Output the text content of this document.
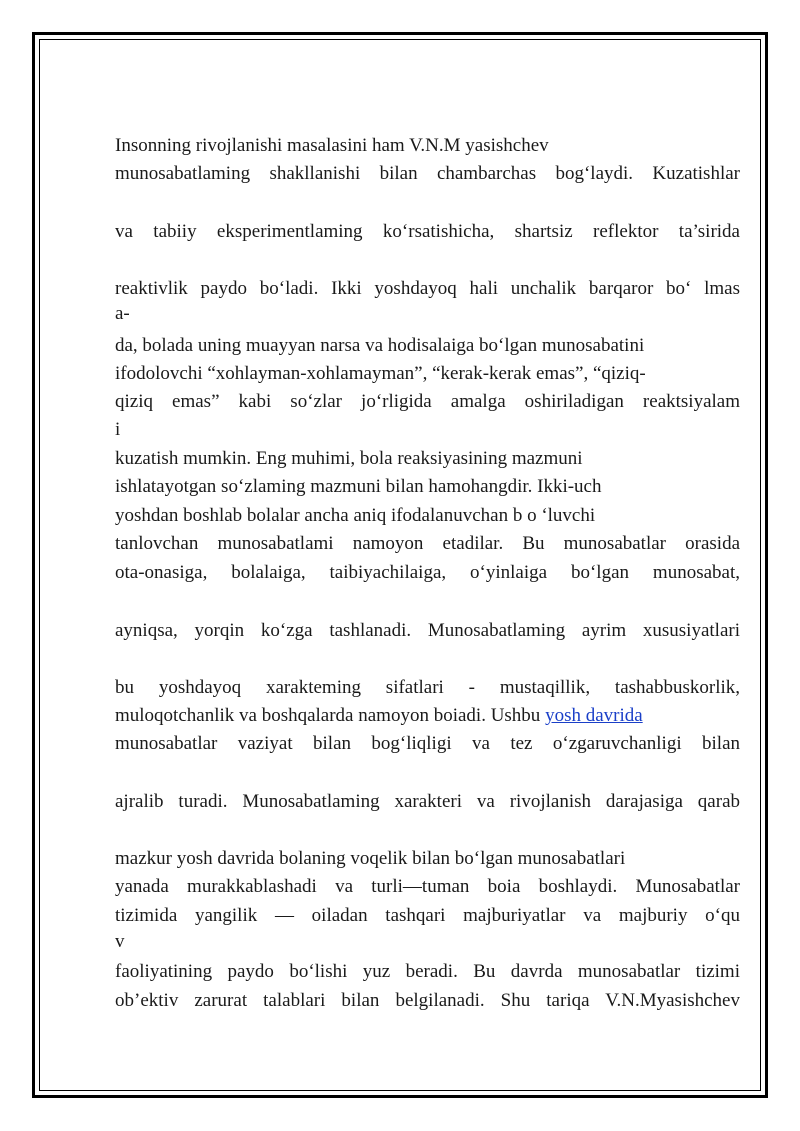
Insonning rivojlanishi masalasini ham V.N.M yasishchev
munosabatlaming shakllanishi bilan chambarchas bog‘laydi. Kuzatishlar
va tabiiy eksperimentlaming ko‘rsatishicha, shartsiz reflektor ta’sirida
reaktivlik paydo bo‘ladi. Ikki yoshdayoq hali unchalik barqaror bo‘ lmas
a-
da, bolada uning muayyan narsa va hodisalaiga bo‘lgan munosabatini
ifodolovchi “xohlayman-xohlamayman”, “kerak-kerak emas”, “qiziq-
qiziq emas” kabi so‘zlar jo‘rligida amalga oshiriladigan reaktsiyalam
i
kuzatish mumkin. Eng muhimi, bola reaksiyasining mazmuni
ishlatayotgan so‘zlaming mazmuni bilan hamohangdir. Ikki-uch
yoshdan boshlab bolalar ancha aniq ifodalanuvchan b o ‘luvchi
tanlovchan munosabatlami namoyon etadilar. Bu munosabatlar orasida
ota-onasiga, bolalaiga, taibiyachilaiga, o‘yinlaiga bo‘lgan munosabat,
ayniqsa, yorqin ko‘zga tashlanadi. Munosabatlaming ayrim xususiyatlari
bu yoshdayoq xarakteming sifatlari - mustaqillik, tashabbuskorlik,
muloqotchanlik va boshqalarda namoyon boiadi. Ushbu yosh davrida
munosabatlar vaziyat bilan bog‘liqligi va tez o‘zgaruvchanligi bilan
ajralib turadi. Munosabatlaming xarakteri va rivojlanish darajasiga qarab
mazkur yosh davrida bolaning voqelik bilan bo‘lgan munosabatlari
yanada murakkablashadi va turli—tuman boia boshlaydi. Munosabatlar
tizimida yangilik — oiladan tashqari majburiyatlar va majburiy o‘qu
v
faoliyatining paydo bo‘lishi yuz beradi. Bu davrda munosabatlar tizimi
ob’ektiv zarurat talablari bilan belgilanadi. Shu tariqa V.N.Myasishchev
